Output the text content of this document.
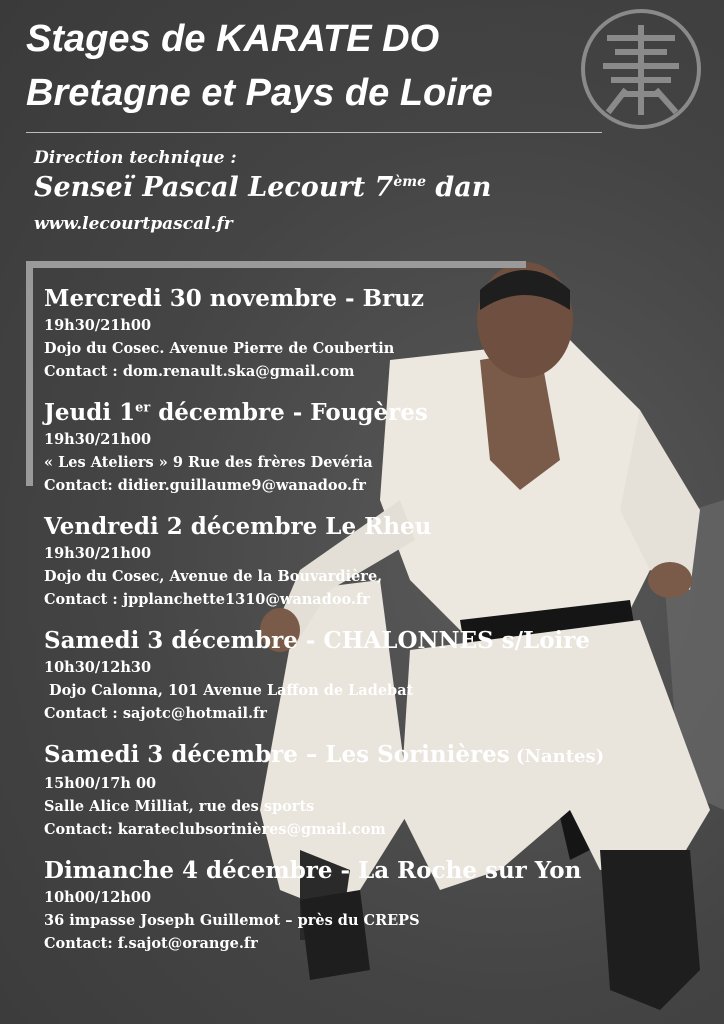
Stages de KARATE DO
Bretagne et Pays de Loire
Direction technique :
Senseï Pascal Lecourt 7ème dan
www.lecourtpascal.fr
Mercredi 30 novembre - Bruz
19h30/21h00
Dojo du Cosec. Avenue Pierre de Coubertin
Contact : dom.renault.ska@gmail.com
Jeudi 1er décembre - Fougères
19h30/21h00
« Les Ateliers » 9 Rue des frères Devéria
Contact: didier.guillaume9@wanadoo.fr
Vendredi 2 décembre Le Rheu
19h30/21h00
Dojo du Cosec, Avenue de la Bouvardière,
Contact : jpplanchette1310@wanadoo.fr
Samedi 3 décembre - CHALONNES s/Loire
10h30/12h30
Dojo Calonna, 101 Avenue Laffon de Ladebat
Contact : sajotc@hotmail.fr
Samedi 3 décembre – Les Sorinières (Nantes)
15h00/17h 00
Salle Alice Milliat, rue des sports
Contact: karateclubsorinières@gmail.com
Dimanche 4 décembre - La Roche sur Yon
10h00/12h00
36 impasse Joseph Guillemot – près du CREPS
Contact: f.sajot@orange.fr
